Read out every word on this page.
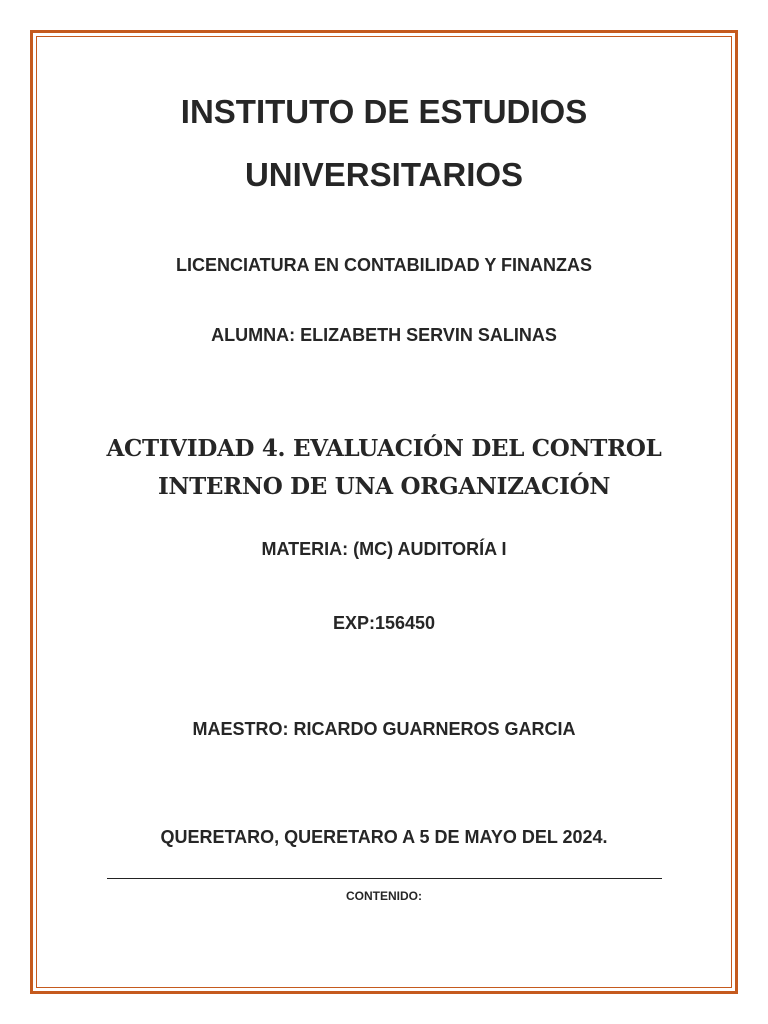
INSTITUTO DE ESTUDIOS
UNIVERSITARIOS
LICENCIATURA EN CONTABILIDAD Y FINANZAS
ALUMNA: ELIZABETH SERVIN SALINAS
ACTIVIDAD 4. EVALUACIÓN DEL CONTROL
INTERNO DE UNA ORGANIZACIÓN
MATERIA: (MC) AUDITORÍA I
EXP:156450
MAESTRO: RICARDO GUARNEROS GARCIA
QUERETARO, QUERETARO A 5 DE MAYO DEL 2024.
CONTENIDO:
